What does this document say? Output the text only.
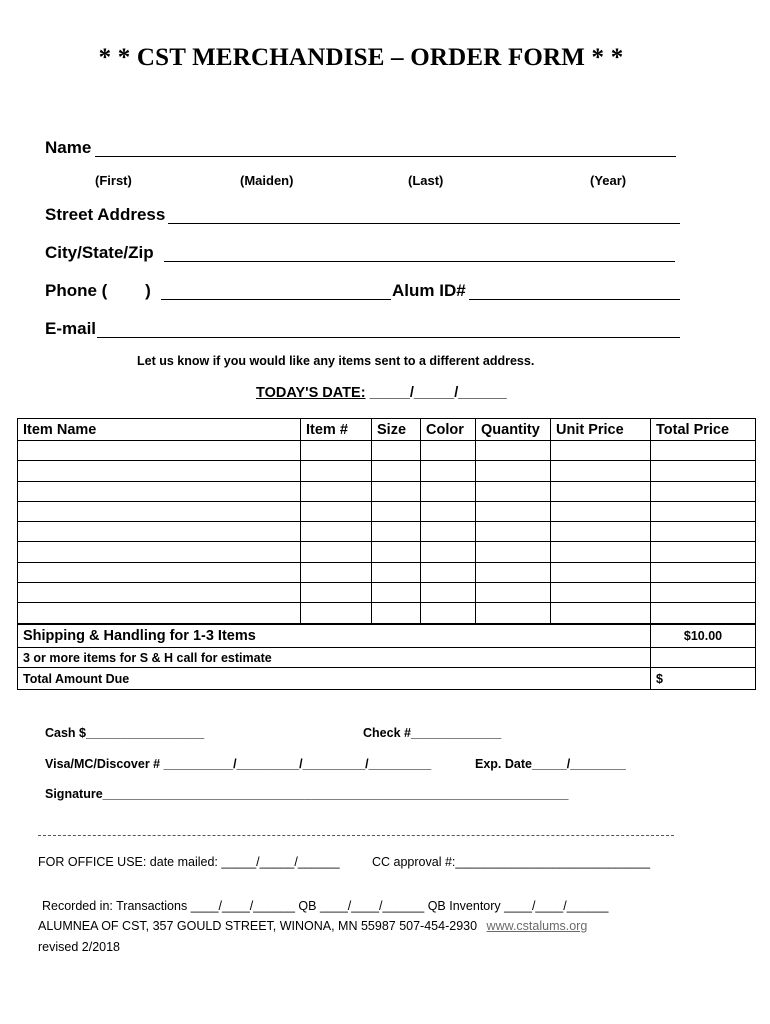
* * CST MERCHANDISE – ORDER FORM * *
Name
(First)	(Maiden)	(Last)	(Year)
Street Address
City/State/Zip
Phone (        )	Alum ID#
E-mail
Let us know if you would like any items sent to a different address.
TODAY'S DATE: _____/_____/______
Item Name	Item #	Size	Color	Quantity	Unit Price	Total Price

Shipping & Handling for 1-3 Items	$10.00
3 or more items for S & H call for estimate	
Total Amount Due	$
Cash $_________________	Check #_____________
Visa/MC/Discover # __________/_________/_________/_________	Exp. Date_____/________
Signature___________________________________________________________________
FOR OFFICE USE: date mailed: _____/_____/______	CC approval #:____________________________
Recorded in: Transactions ____/____/______ QB ____/____/______ QB Inventory ____/____/______
ALUMNEA OF CST, 357 GOULD STREET, WINONA, MN 55987 507-454-2930 www.cstalums.org
revised 2/2018
